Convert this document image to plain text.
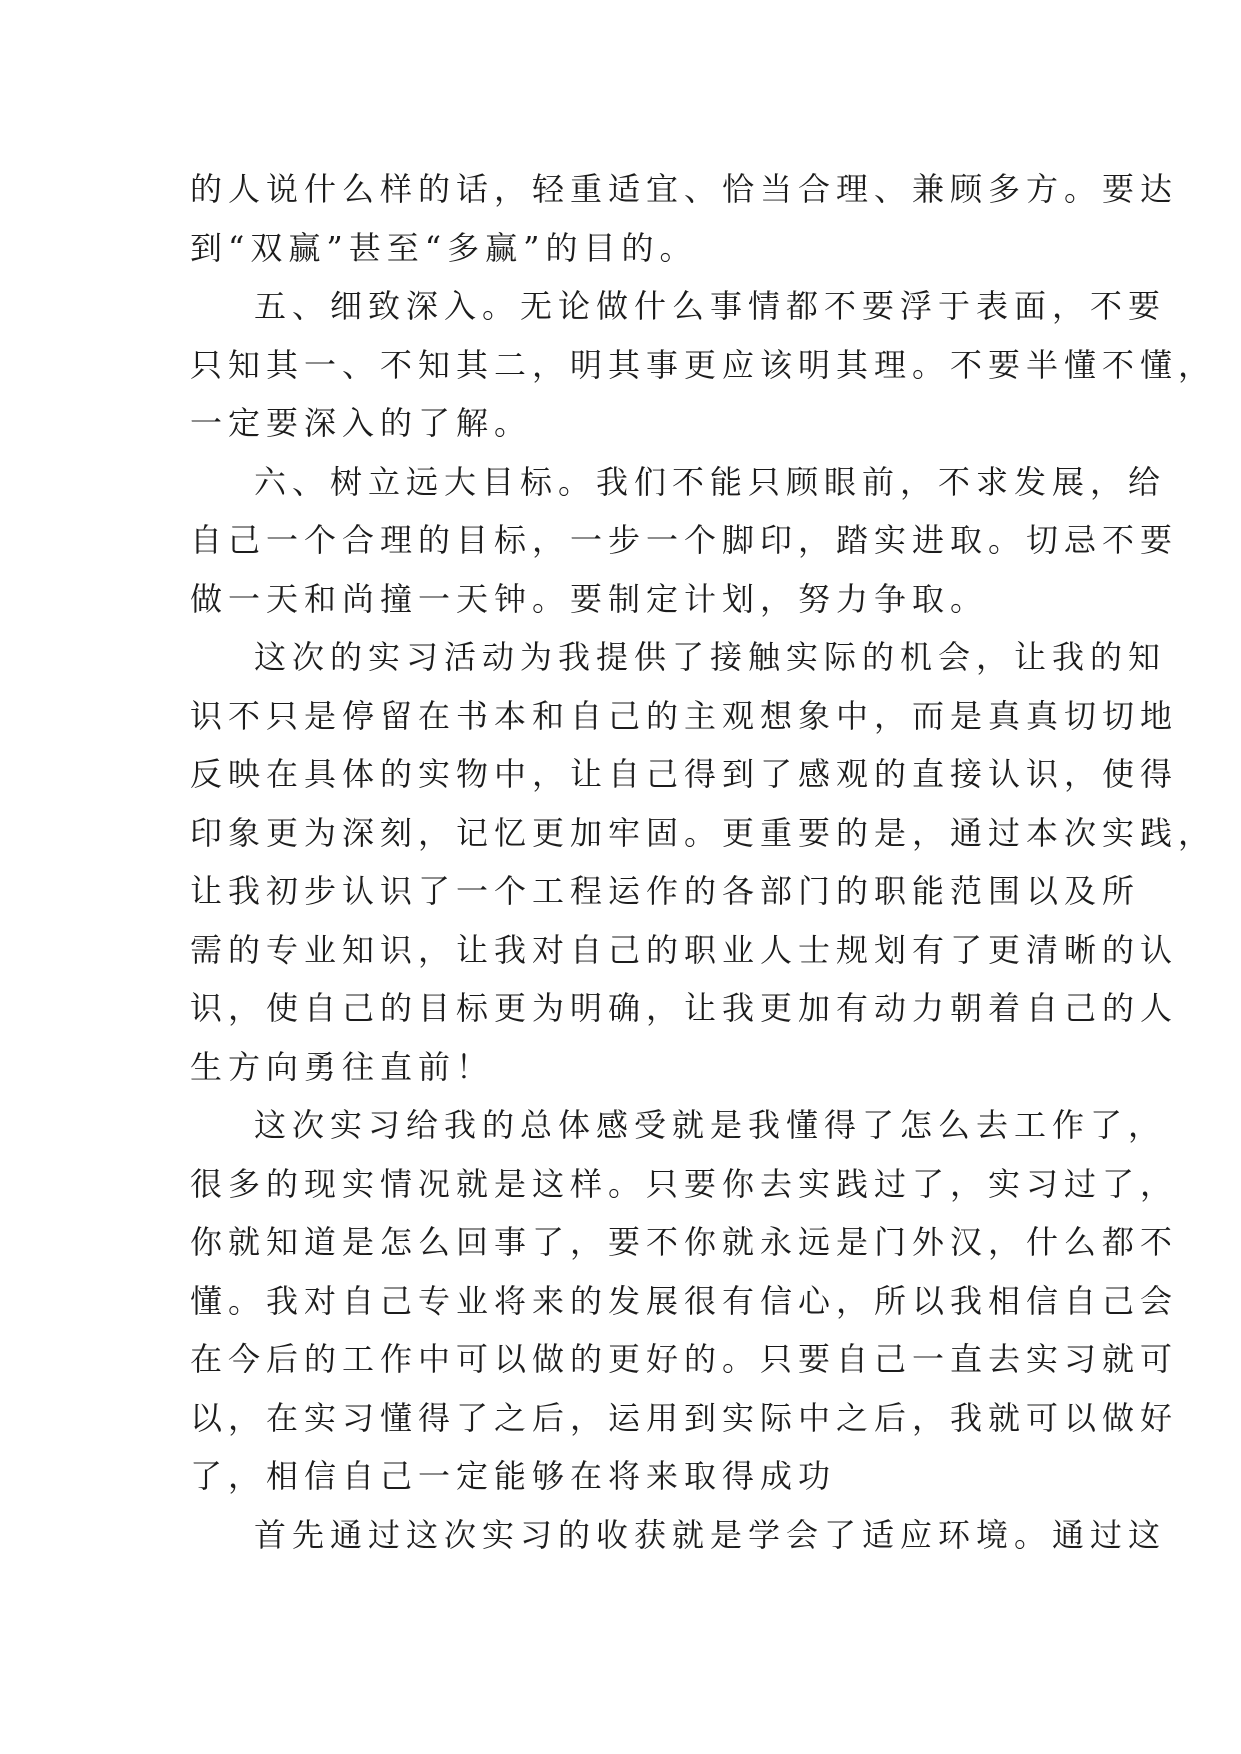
的人说什么样的话，轻重适宜、恰当合理、兼顾多方。要达
到“双赢”甚至“多赢”的目的。
五、细致深入。无论做什么事情都不要浮于表面，不要
只知其一、不知其二，明其事更应该明其理。不要半懂不懂，
一定要深入的了解。
六、树立远大目标。我们不能只顾眼前，不求发展，给
自己一个合理的目标，一步一个脚印，踏实进取。切忌不要
做一天和尚撞一天钟。要制定计划，努力争取。
这次的实习活动为我提供了接触实际的机会，让我的知
识不只是停留在书本和自己的主观想象中，而是真真切切地
反映在具体的实物中，让自己得到了感观的直接认识，使得
印象更为深刻，记忆更加牢固。更重要的是，通过本次实践，
让我初步认识了一个工程运作的各部门的职能范围以及所
需的专业知识，让我对自己的职业人士规划有了更清晰的认
识，使自己的目标更为明确，让我更加有动力朝着自己的人
生方向勇往直前！
这次实习给我的总体感受就是我懂得了怎么去工作了，
很多的现实情况就是这样。只要你去实践过了，实习过了，
你就知道是怎么回事了，要不你就永远是门外汉，什么都不
懂。我对自己专业将来的发展很有信心，所以我相信自己会
在今后的工作中可以做的更好的。只要自己一直去实习就可
以，在实习懂得了之后，运用到实际中之后，我就可以做好
了，相信自己一定能够在将来取得成功
首先通过这次实习的收获就是学会了适应环境。通过这
